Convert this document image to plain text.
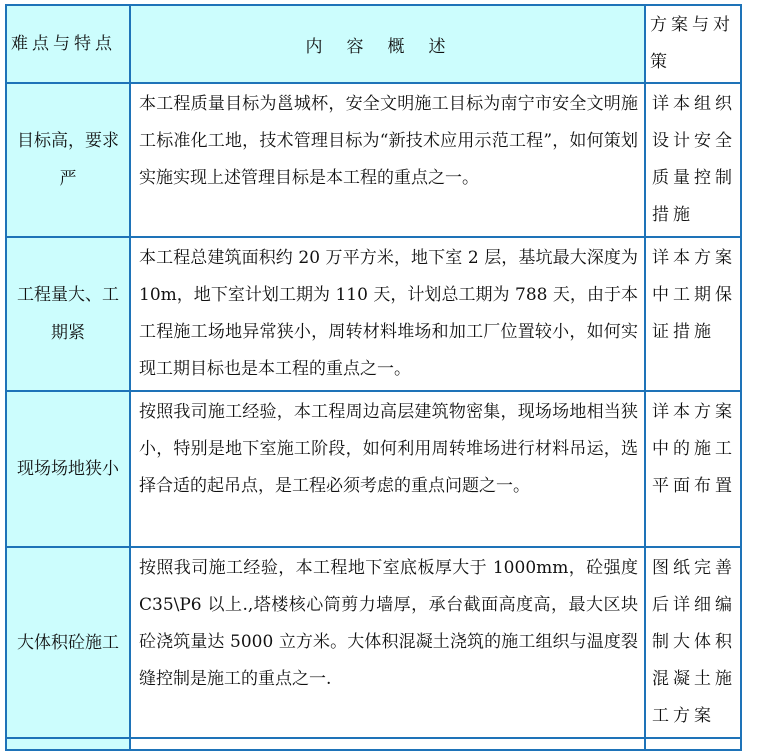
难点与特点	内容概述	方案与对策
目标高，要求严	本工程质量目标为邕城杯，安全文明施工目标为南宁市安全文明施工标准化工地，技术管理目标为“新技术应用示范工程”，如何策划实施实现上述管理目标是本工程的重点之一。	详本组织设计安全质量控制措施
工程量大、工期紧	本工程总建筑面积约 20 万平方米，地下室 2 层，基坑最大深度为 10m，地下室计划工期为 110 天，计划总工期为 788 天，由于本工程施工场地异常狭小，周转材料堆场和加工厂位置较小，如何实现工期目标也是本工程的重点之一。	详本方案中工期保证措施
现场场地狭小	按照我司施工经验，本工程周边高层建筑物密集，现场场地相当狭小，特别是地下室施工阶段，如何利用周转堆场进行材料吊运，选择合适的起吊点，是工程必须考虑的重点问题之一。	详本方案中的施工平面布置
大体积砼施工	按照我司施工经验，本工程地下室底板厚大于 1000mm，砼强度 C35\P6 以上.,塔楼核心筒剪力墙厚，承台截面高度高，最大区块砼浇筑量达 5000 立方米。大体积混凝土浇筑的施工组织与温度裂缝控制是施工的重点之一.	图纸完善后详细编制大体积混凝土施工方案
